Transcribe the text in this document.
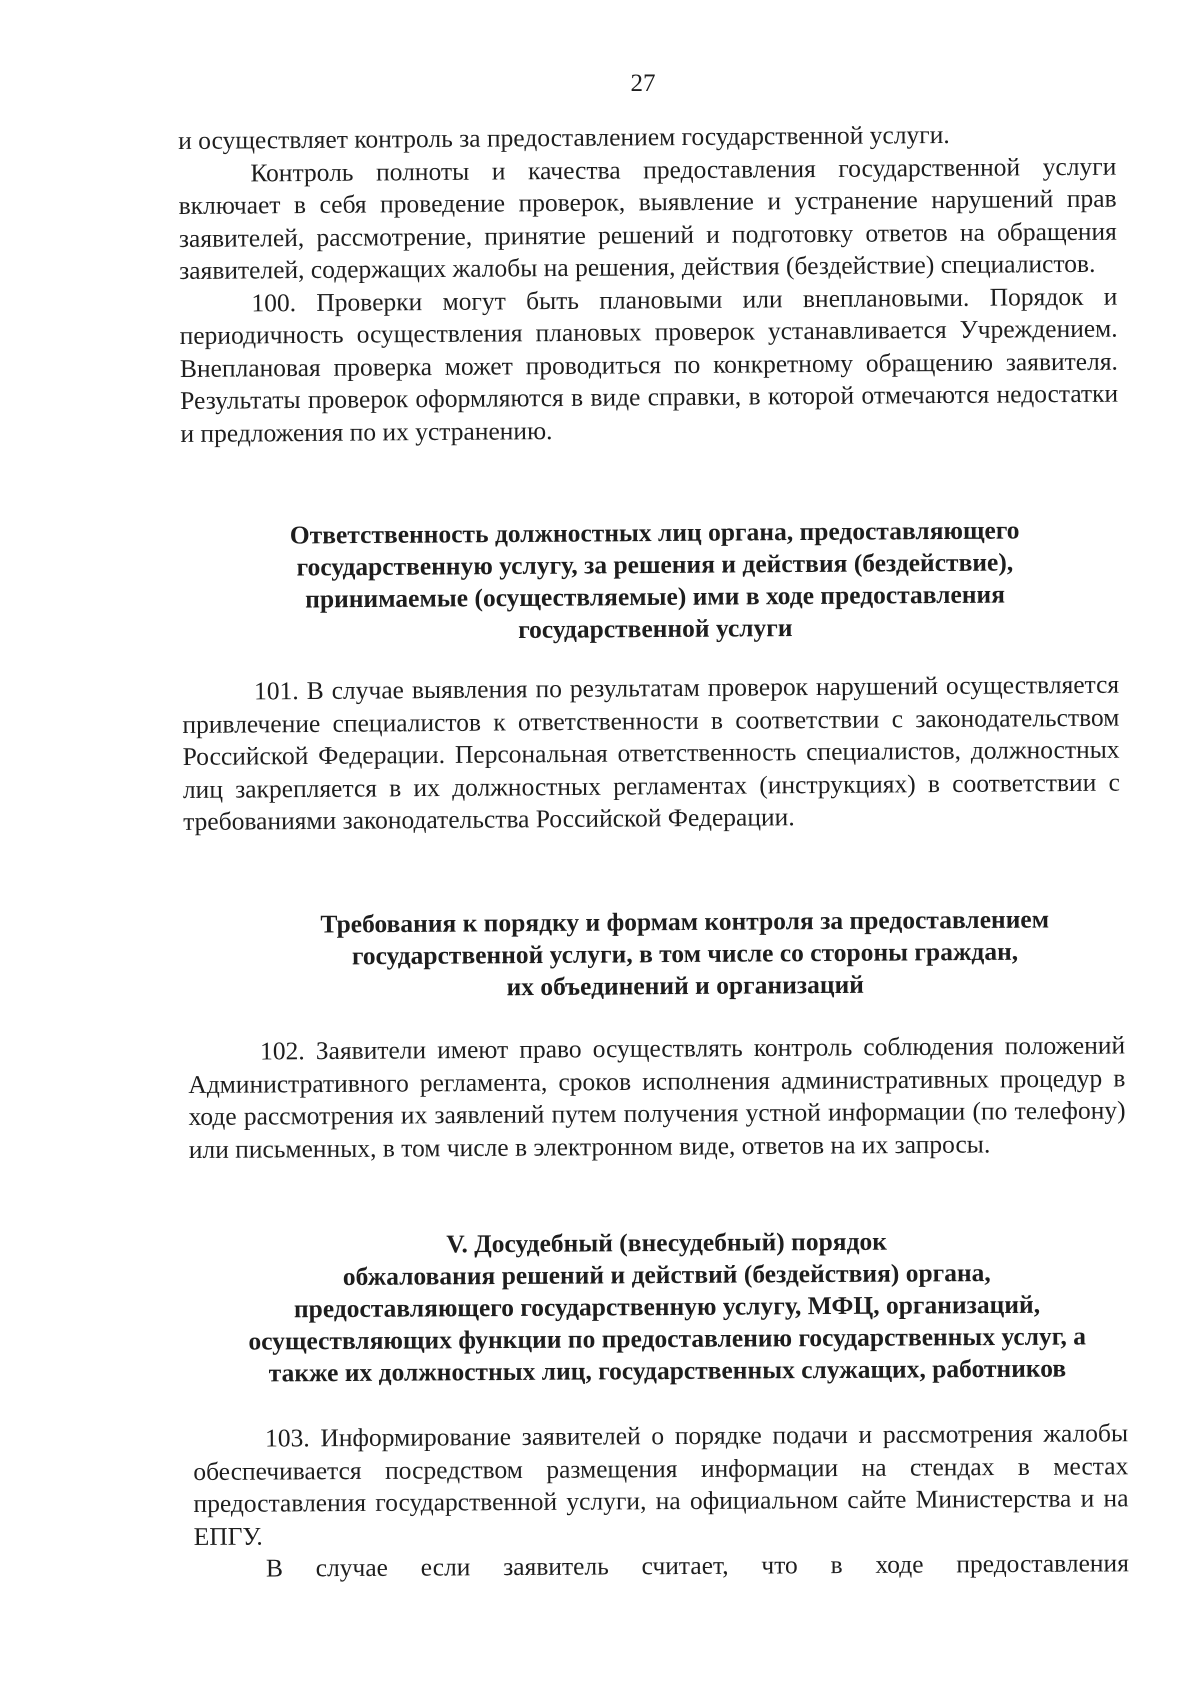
27

и осуществляет контроль за предоставлением государственной услуги.

Контроль полноты и качества предоставления государственной услуги включает в себя проведение проверок, выявление и устранение нарушений прав заявителей, рассмотрение, принятие решений и подготовку ответов на обращения заявителей, содержащих жалобы на решения, действия (бездействие) специалистов.

100. Проверки могут быть плановыми или внеплановыми. Порядок и периодичность осуществления плановых проверок устанавливается Учреждением. Внеплановая проверка может проводиться по конкретному обращению заявителя. Результаты проверок оформляются в виде справки, в которой отмечаются недостатки и предложения по их устранению.

Ответственность должностных лиц органа, предоставляющего
государственную услугу, за решения и действия (бездействие),
принимаемые (осуществляемые) ими в ходе предоставления
государственной услуги

101. В случае выявления по результатам проверок нарушений осуществляется привлечение специалистов к ответственности в соответствии с законодательством Российской Федерации. Персональная ответственность специалистов, должностных лиц закрепляется в их должностных регламентах (инструкциях) в соответствии с требованиями законодательства Российской Федерации.

Требования к порядку и формам контроля за предоставлением
государственной услуги, в том числе со стороны граждан,
их объединений и организаций

102. Заявители имеют право осуществлять контроль соблюдения положений Административного регламента, сроков исполнения административных процедур в ходе рассмотрения их заявлений путем получения устной информации (по телефону) или письменных, в том числе в электронном виде, ответов на их запросы.

V. Досудебный (внесудебный) порядок
обжалования решений и действий (бездействия) органа,
предоставляющего государственную услугу, МФЦ, организаций,
осуществляющих функции по предоставлению государственных услуг, а
также их должностных лиц, государственных служащих, работников

103. Информирование заявителей о порядке подачи и рассмотрения жалобы обеспечивается посредством размещения информации на стендах в местах предоставления государственной услуги, на официальном сайте Министерства и на ЕПГУ.

В случае если заявитель считает, что в ходе предоставления
